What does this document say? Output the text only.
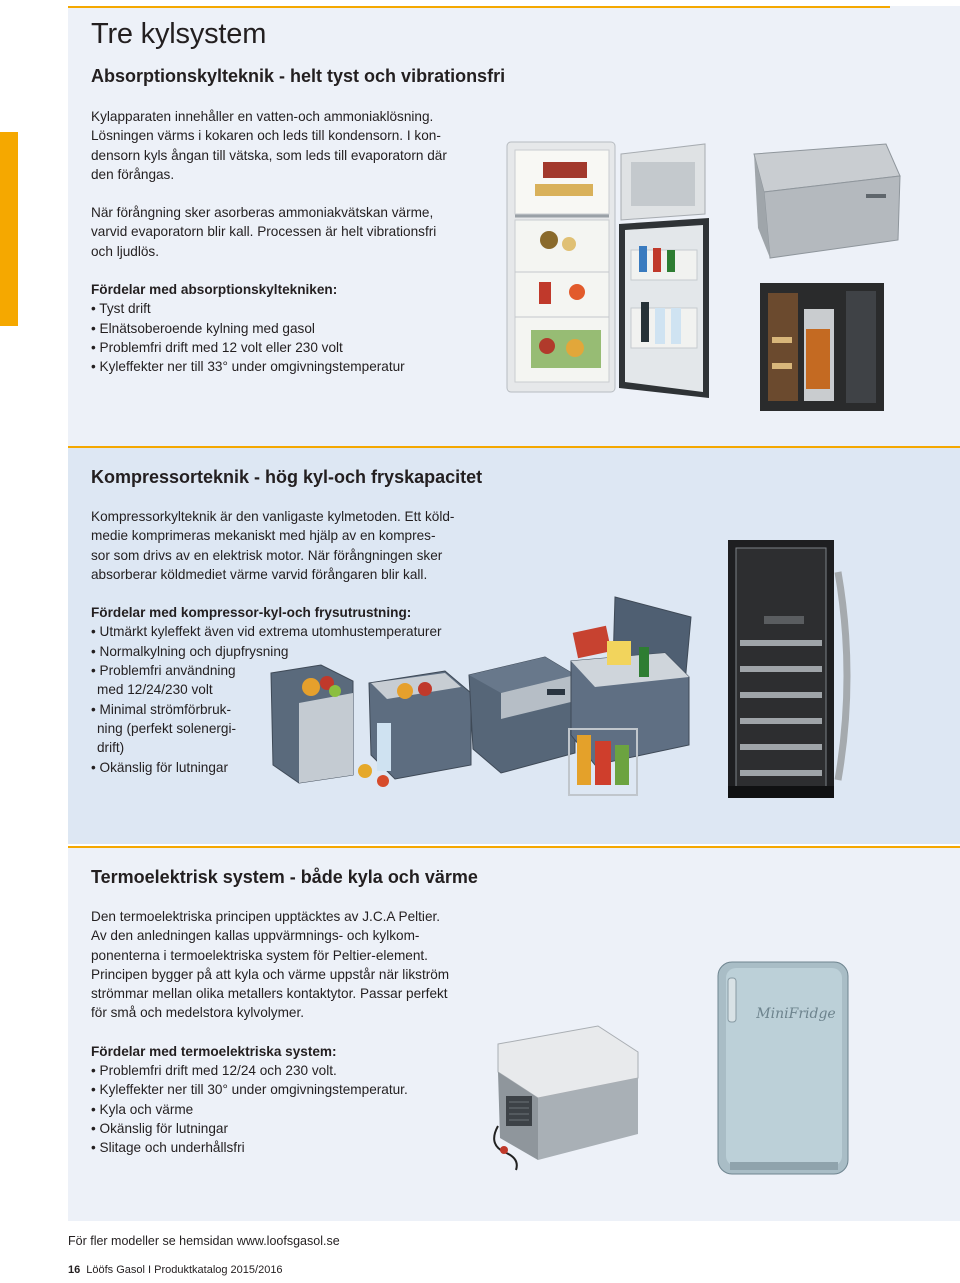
Tre kylsystem
Absorptionskylteknik - helt tyst och vibrationsfri

Kylapparaten innehåller en vatten-och ammoniaklösning.

Lösningen värms i kokaren och leds till kondensorn. I kon-

densorn kyls ångan till vätska, som leds till evaporatorn där

den förångas.

När förångning sker asorberas ammoniakvätskan värme,

varvid evaporatorn blir kall. Processen är helt vibrationsfri

och ljudlös.

Fördelar med absorptionskyltekniken:

• Tyst drift
• Elnätsoberoende kylning med gasol
• Problemfri drift med 12 volt eller 230 volt
• Kyleffekter ner till 33° under omgivningstemperatur
Kompressorteknik - hög kyl-och fryskapacitet

Kompressorkylteknik är den vanligaste kylmetoden. Ett köld-

medie komprimeras mekaniskt med hjälp av en kompres-

sor som drivs av en elektrisk motor. När förångningen sker

absorberar köldmediet värme varvid förångaren blir kall.

Fördelar med kompressor-kyl-och frysutrustning:

• Utmärkt kyleffekt även vid extrema utomhustemperaturer
• Normalkylning och djupfrysning
• Problemfri användning
med 12/24/230 volt
• Minimal strömförbruk-
ning (perfekt solenergi-
drift)
• Okänslig för lutningar
Termoelektrisk system - både kyla och värme

Den termoelektriska principen upptäcktes av J.C.A Peltier.

Av den anledningen kallas uppvärmnings- och kylkom-

ponenterna i termoelektriska system för Peltier-element.

Principen bygger på att kyla och värme uppstår när likström

strömmar mellan olika metallers kontaktytor. Passar perfekt

för små och medelstora kylvolymer.

Fördelar med termoelektriska system:

• Problemfri drift med 12/24 och 230 volt.
• Kyleffekter ner till 30° under omgivningstemperatur.
• Kyla och värme
• Okänslig för lutningar
• Slitage och underhållsfri
MiniFridge
För fler modeller se hemsidan www.loofsgasol.se
16 Lööfs Gasol I Produktkatalog 2015/2016
